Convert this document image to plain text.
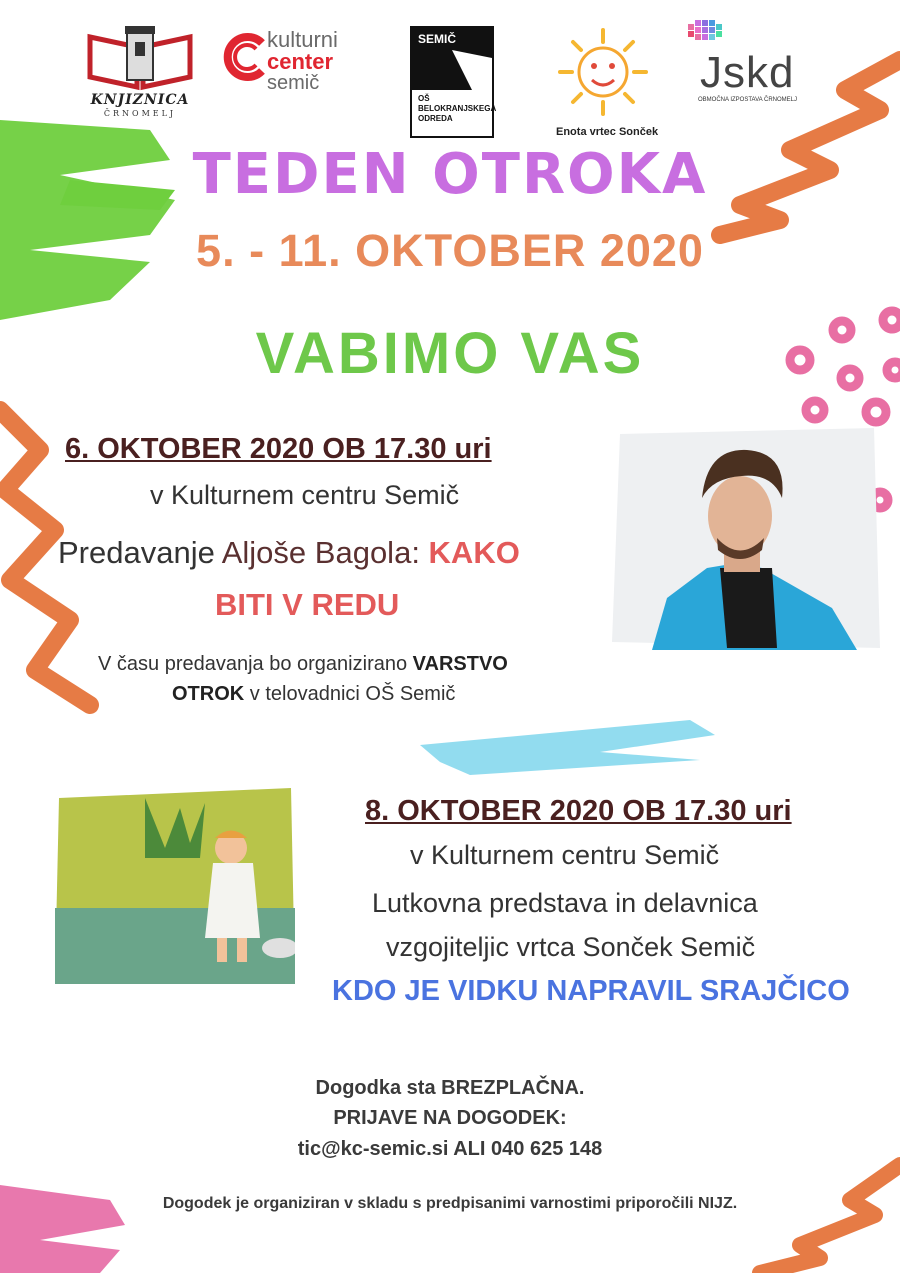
KNJIZNICA
ČRNOMELJ
kulturni
center
semič
SEMIČ
OŠ BELOKRANJSKEGA ODREDA
Enota vrtec Sonček
Jskd
OBMOČNA IZPOSTAVA ČRNOMELJ
TEDEN OTROKA
5. - 11. OKTOBER 2020
VABIMO VAS
6. OKTOBER 2020 OB 17.30 uri
v Kulturnem centru Semič
Predavanje Aljoše Bagola: KAKO
BITI V REDU
V času predavanja bo organizirano VARSTVO
OTROK v telovadnici OŠ Semič
8. OKTOBER 2020 OB 17.30 uri
v Kulturnem centru Semič
Lutkovna predstava in delavnica
vzgojiteljic vrtca Sonček Semič
KDO JE VIDKU NAPRAVIL SRAJČICO
Dogodka sta BREZPLAČNA.
PRIJAVE NA DOGODEK:
tic@kc-semic.si ALI 040 625 148
Dogodek je organiziran v skladu s predpisanimi varnostimi priporočili NIJZ.
